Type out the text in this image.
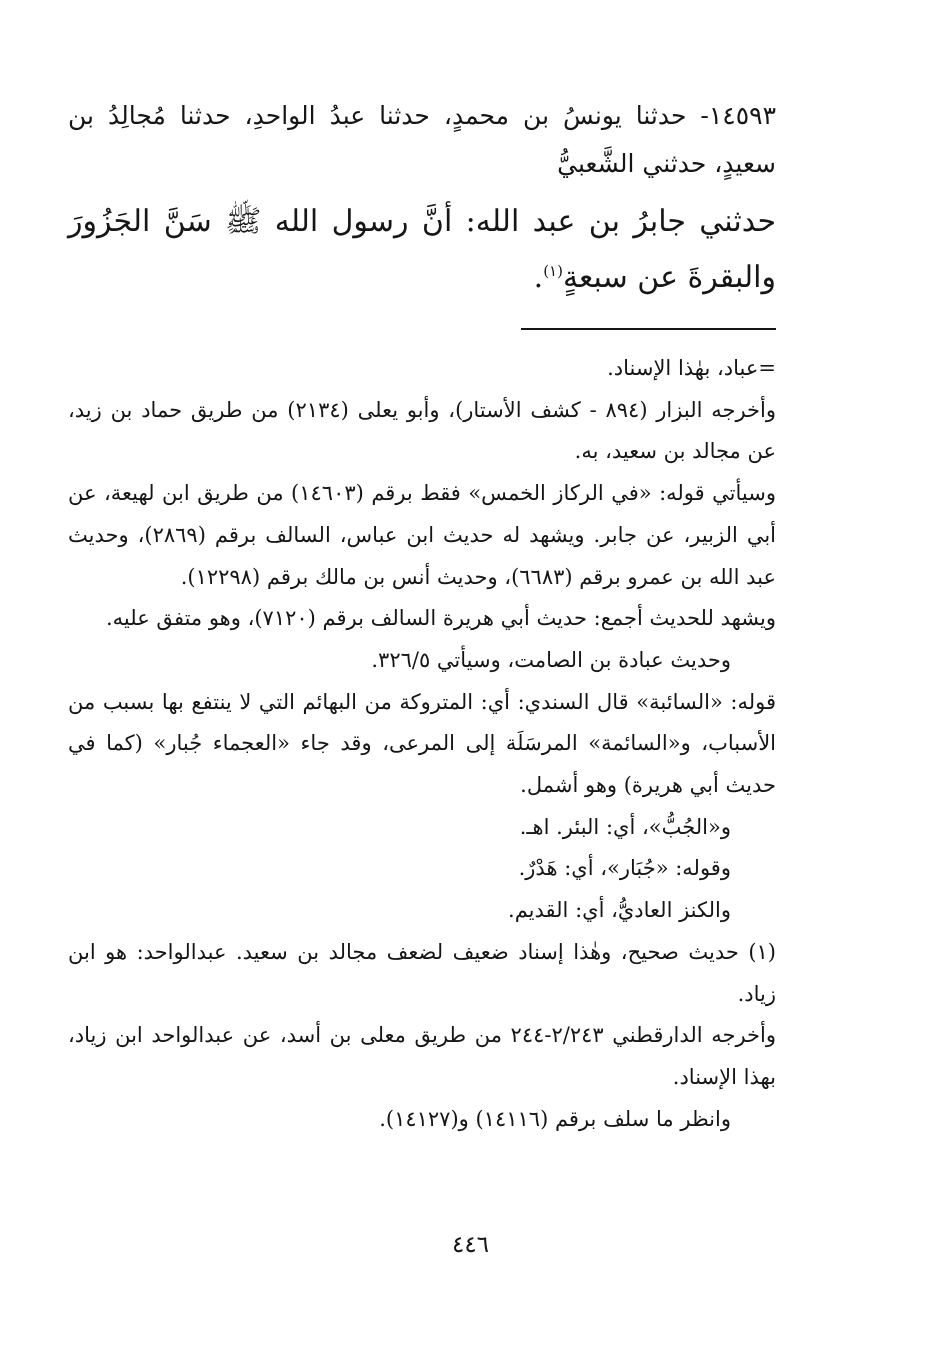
١٤٥٩٣- حدثنا يونسُ بن محمدٍ، حدثنا عبدُ الواحدِ، حدثنا مُجالِدُ بن سعيدٍ، حدثني الشَّعبيُّ

حدثني جابرُ بن عبد الله: أنَّ رسول الله ﷺ سَنَّ الجَزُورَ والبقرةَ عن سبعةٍ$^{(١)}$.

=عباد، بهٰذا الإسناد.

وأخرجه البزار (٨٩٤ - كشف الأستار)، وأبو يعلى (٢١٣٤) من طريق حماد بن زيد، عن مجالد بن سعيد، به.

وسيأتي قوله: «في الركاز الخمس» فقط برقم (١٤٦٠٣) من طريق ابن لهيعة، عن أبي الزبير، عن جابر. ويشهد له حديث ابن عباس، السالف برقم (٢٨٦٩)، وحديث عبد الله بن عمرو برقم (٦٦٨٣)، وحديث أنس بن مالك برقم (١٢٢٩٨).

ويشهد للحديث أجمع: حديث أبي هريرة السالف برقم (٧١٢٠)، وهو متفق عليه.

وحديث عبادة بن الصامت، وسيأتي ٣٢٦/٥.

قوله: «السائبة» قال السندي: أي: المتروكة من البهائم التي لا ينتفع بها بسبب من الأسباب، و«السائمة» المرسَلَة إلى المرعى، وقد جاء «العجماء جُبار» (كما في حديث أبي هريرة) وهو أشمل.

و«الجُبُّ»، أي: البئر. اهـ.

وقوله: «جُبَار»، أي: هَدْرٌ.

والكنز العاديُّ، أي: القديم.

(١) حديث صحيح، وهٰذا إسناد ضعيف لضعف مجالد بن سعيد. عبدالواحد: هو ابن زياد.

وأخرجه الدارقطني ٢/٢٤٣-٢٤٤ من طريق معلى بن أسد، عن عبدالواحد ابن زياد، بهذا الإسناد.

وانظر ما سلف برقم (١٤١١٦) و(١٤١٢٧).

٤٤٦
